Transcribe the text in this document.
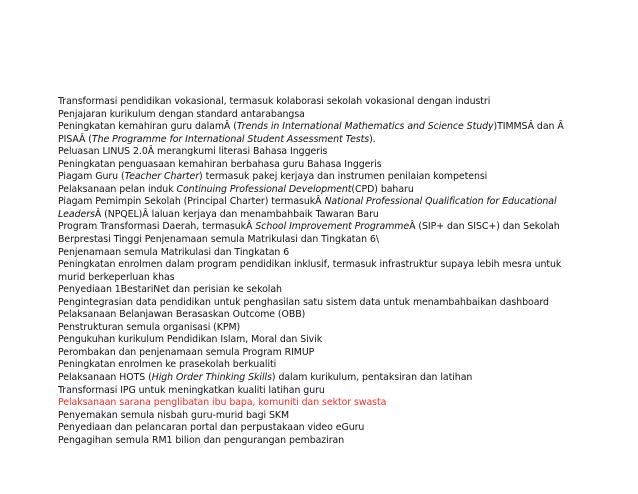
Transformasi pendidikan vokasional, termasuk kolaborasi sekolah vokasional dengan industri
Penjajaran kurikulum dengan standard antarabangsa
Peningkatan kemahiran guru dalamÂ (Trends in International Mathematics and Science Study)TIMMSÂ dan Â PISAÂ (The Programme for International Student Assessment Tests).
Peluasan LINUS 2.0Â merangkumi literasi Bahasa Inggeris
Peningkatan penguasaan kemahiran berbahasa guru Bahasa Inggeris
Piagam Guru (Teacher Charter) termasuk pakej kerjaya dan instrumen penilaian kompetensi
Pelaksanaan pelan induk Continuing Professional Development(CPD) baharu
Piagam Pemimpin Sekolah (Principal Charter) termasukÂ National Professional Qualification for Educational LeadersÂ (NPQEL)Â laluan kerjaya dan menambahbaik Tawaran Baru
Program Transformasi Daerah, termasukÂ School Improvement ProgrammeÂ (SIP+ dan SISC+) dan Sekolah Berprestasi Tinggi Penjenamaan semula Matrikulasi dan Tingkatan 6\
Penjenamaan semula Matrikulasi dan Tingkatan 6
Peningkatan enrolmen dalam program pendidikan inklusif, termasuk infrastruktur supaya lebih mesra untuk murid berkeperluan khas
Penyediaan 1BestariNet dan perisian ke sekolah
Pengintegrasian data pendidikan untuk penghasilan satu sistem data untuk menambahbaikan dashboard
Pelaksanaan Belanjawan Berasaskan Outcome (OBB)
Penstrukturan semula organisasi (KPM)
Pengukuhan kurikulum Pendidikan Islam, Moral dan Sivik
Perombakan dan penjenamaan semula Program RIMUP
Peningkatan enrolmen ke prasekolah berkualiti
Pelaksanaan HOTS (High Order Thinking Skills) dalam kurikulum, pentaksiran dan latihan
Transformasi IPG untuk meningkatkan kualiti latihan guru
Pelaksanaan sarana penglibatan ibu bapa, komuniti dan sektor swasta
Penyemakan semula nisbah guru-murid bagi SKM
Penyediaan dan pelancaran portal dan perpustakaan video eGuru
Pengagihan semula RM1 bilion dan pengurangan pembaziran
